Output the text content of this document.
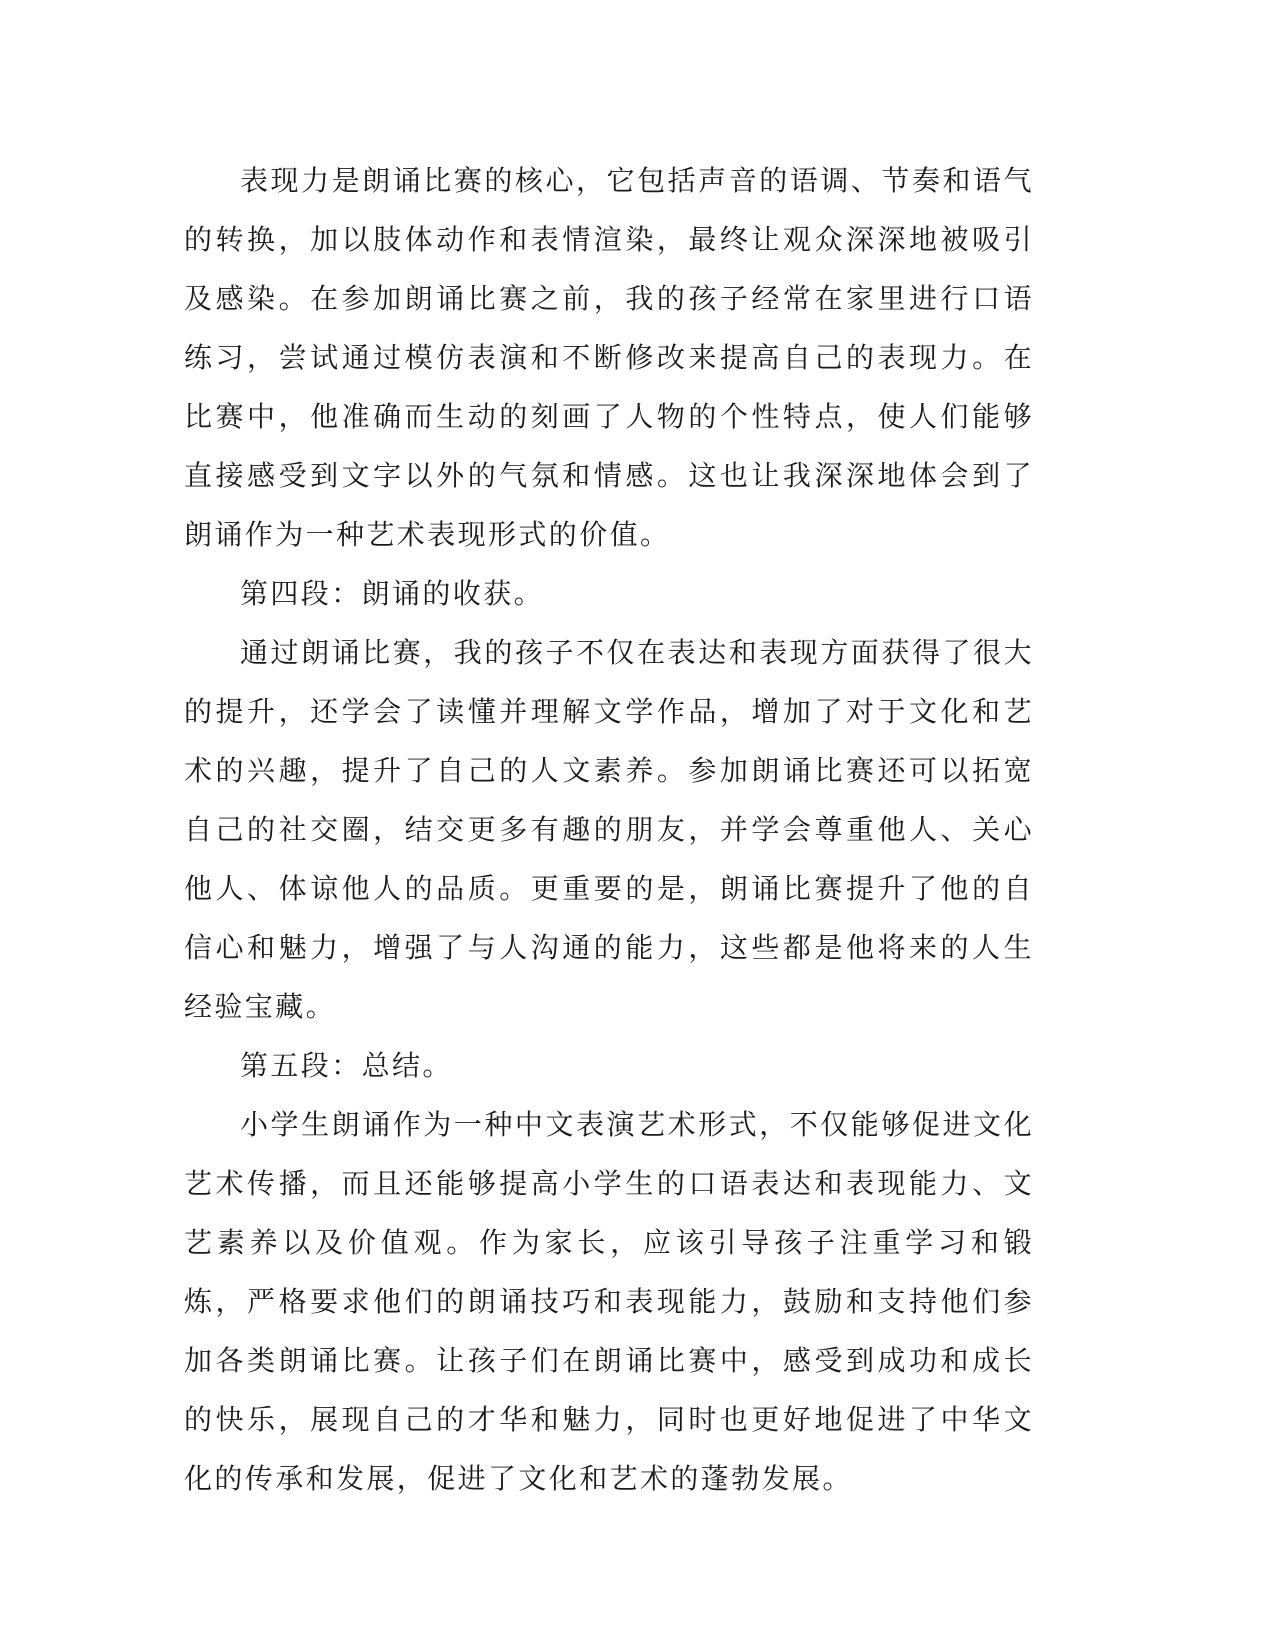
表现力是朗诵比赛的核心，它包括声音的语调、节奏和语气的转换，加以肢体动作和表情渲染，最终让观众深深地被吸引及感染。在参加朗诵比赛之前，我的孩子经常在家里进行口语练习，尝试通过模仿表演和不断修改来提高自己的表现力。在比赛中，他准确而生动的刻画了人物的个性特点，使人们能够直接感受到文字以外的气氛和情感。这也让我深深地体会到了朗诵作为一种艺术表现形式的价值。

第四段：朗诵的收获。

通过朗诵比赛，我的孩子不仅在表达和表现方面获得了很大的提升，还学会了读懂并理解文学作品，增加了对于文化和艺术的兴趣，提升了自己的人文素养。参加朗诵比赛还可以拓宽自己的社交圈，结交更多有趣的朋友，并学会尊重他人、关心他人、体谅他人的品质。更重要的是，朗诵比赛提升了他的自信心和魅力，增强了与人沟通的能力，这些都是他将来的人生经验宝藏。

第五段：总结。

小学生朗诵作为一种中文表演艺术形式，不仅能够促进文化艺术传播，而且还能够提高小学生的口语表达和表现能力、文艺素养以及价值观。作为家长，应该引导孩子注重学习和锻炼，严格要求他们的朗诵技巧和表现能力，鼓励和支持他们参加各类朗诵比赛。让孩子们在朗诵比赛中，感受到成功和成长的快乐，展现自己的才华和魅力，同时也更好地促进了中华文化的传承和发展，促进了文化和艺术的蓬勃发展。
